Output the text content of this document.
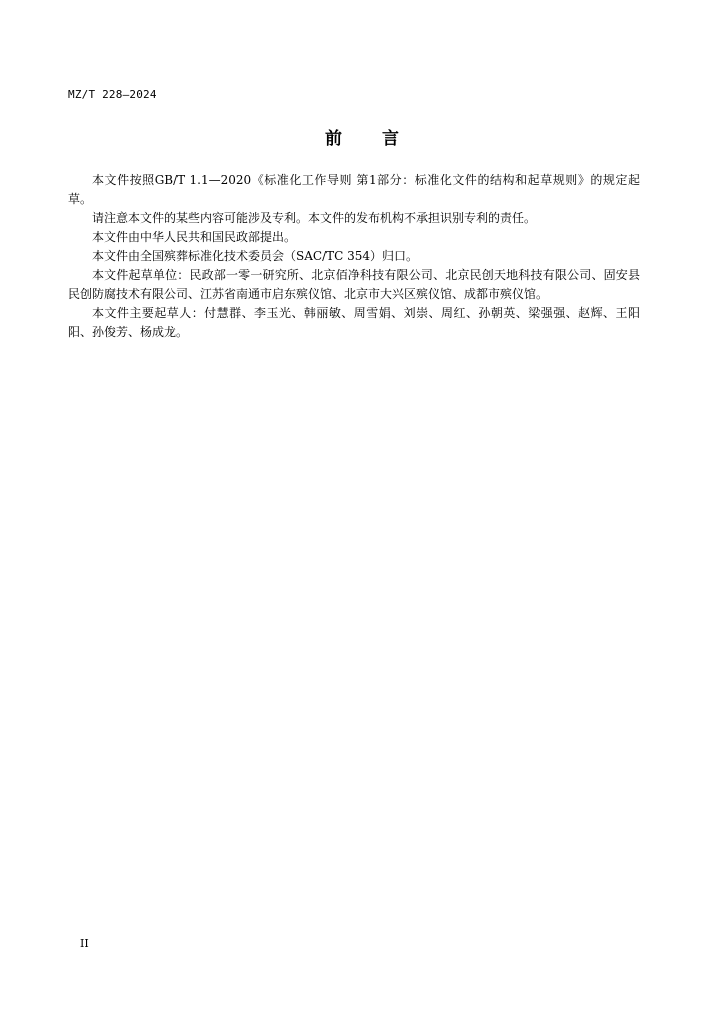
MZ/T 228—2024
前 言

本文件按照GB/T 1.1—2020《标准化工作导则 第1部分：标准化文件的结构和起草规则》的规定起草。

请注意本文件的某些内容可能涉及专利。本文件的发布机构不承担识别专利的责任。

本文件由中华人民共和国民政部提出。

本文件由全国殡葬标准化技术委员会（SAC/TC 354）归口。

本文件起草单位：民政部一零一研究所、北京佰净科技有限公司、北京民创天地科技有限公司、固安县民创防腐技术有限公司、江苏省南通市启东殡仪馆、北京市大兴区殡仪馆、成都市殡仪馆。

本文件主要起草人：付慧群、李玉光、韩丽敏、周雪娟、刘崇、周红、孙朝英、梁强强、赵辉、王阳阳、孙俊芳、杨成龙。

II
